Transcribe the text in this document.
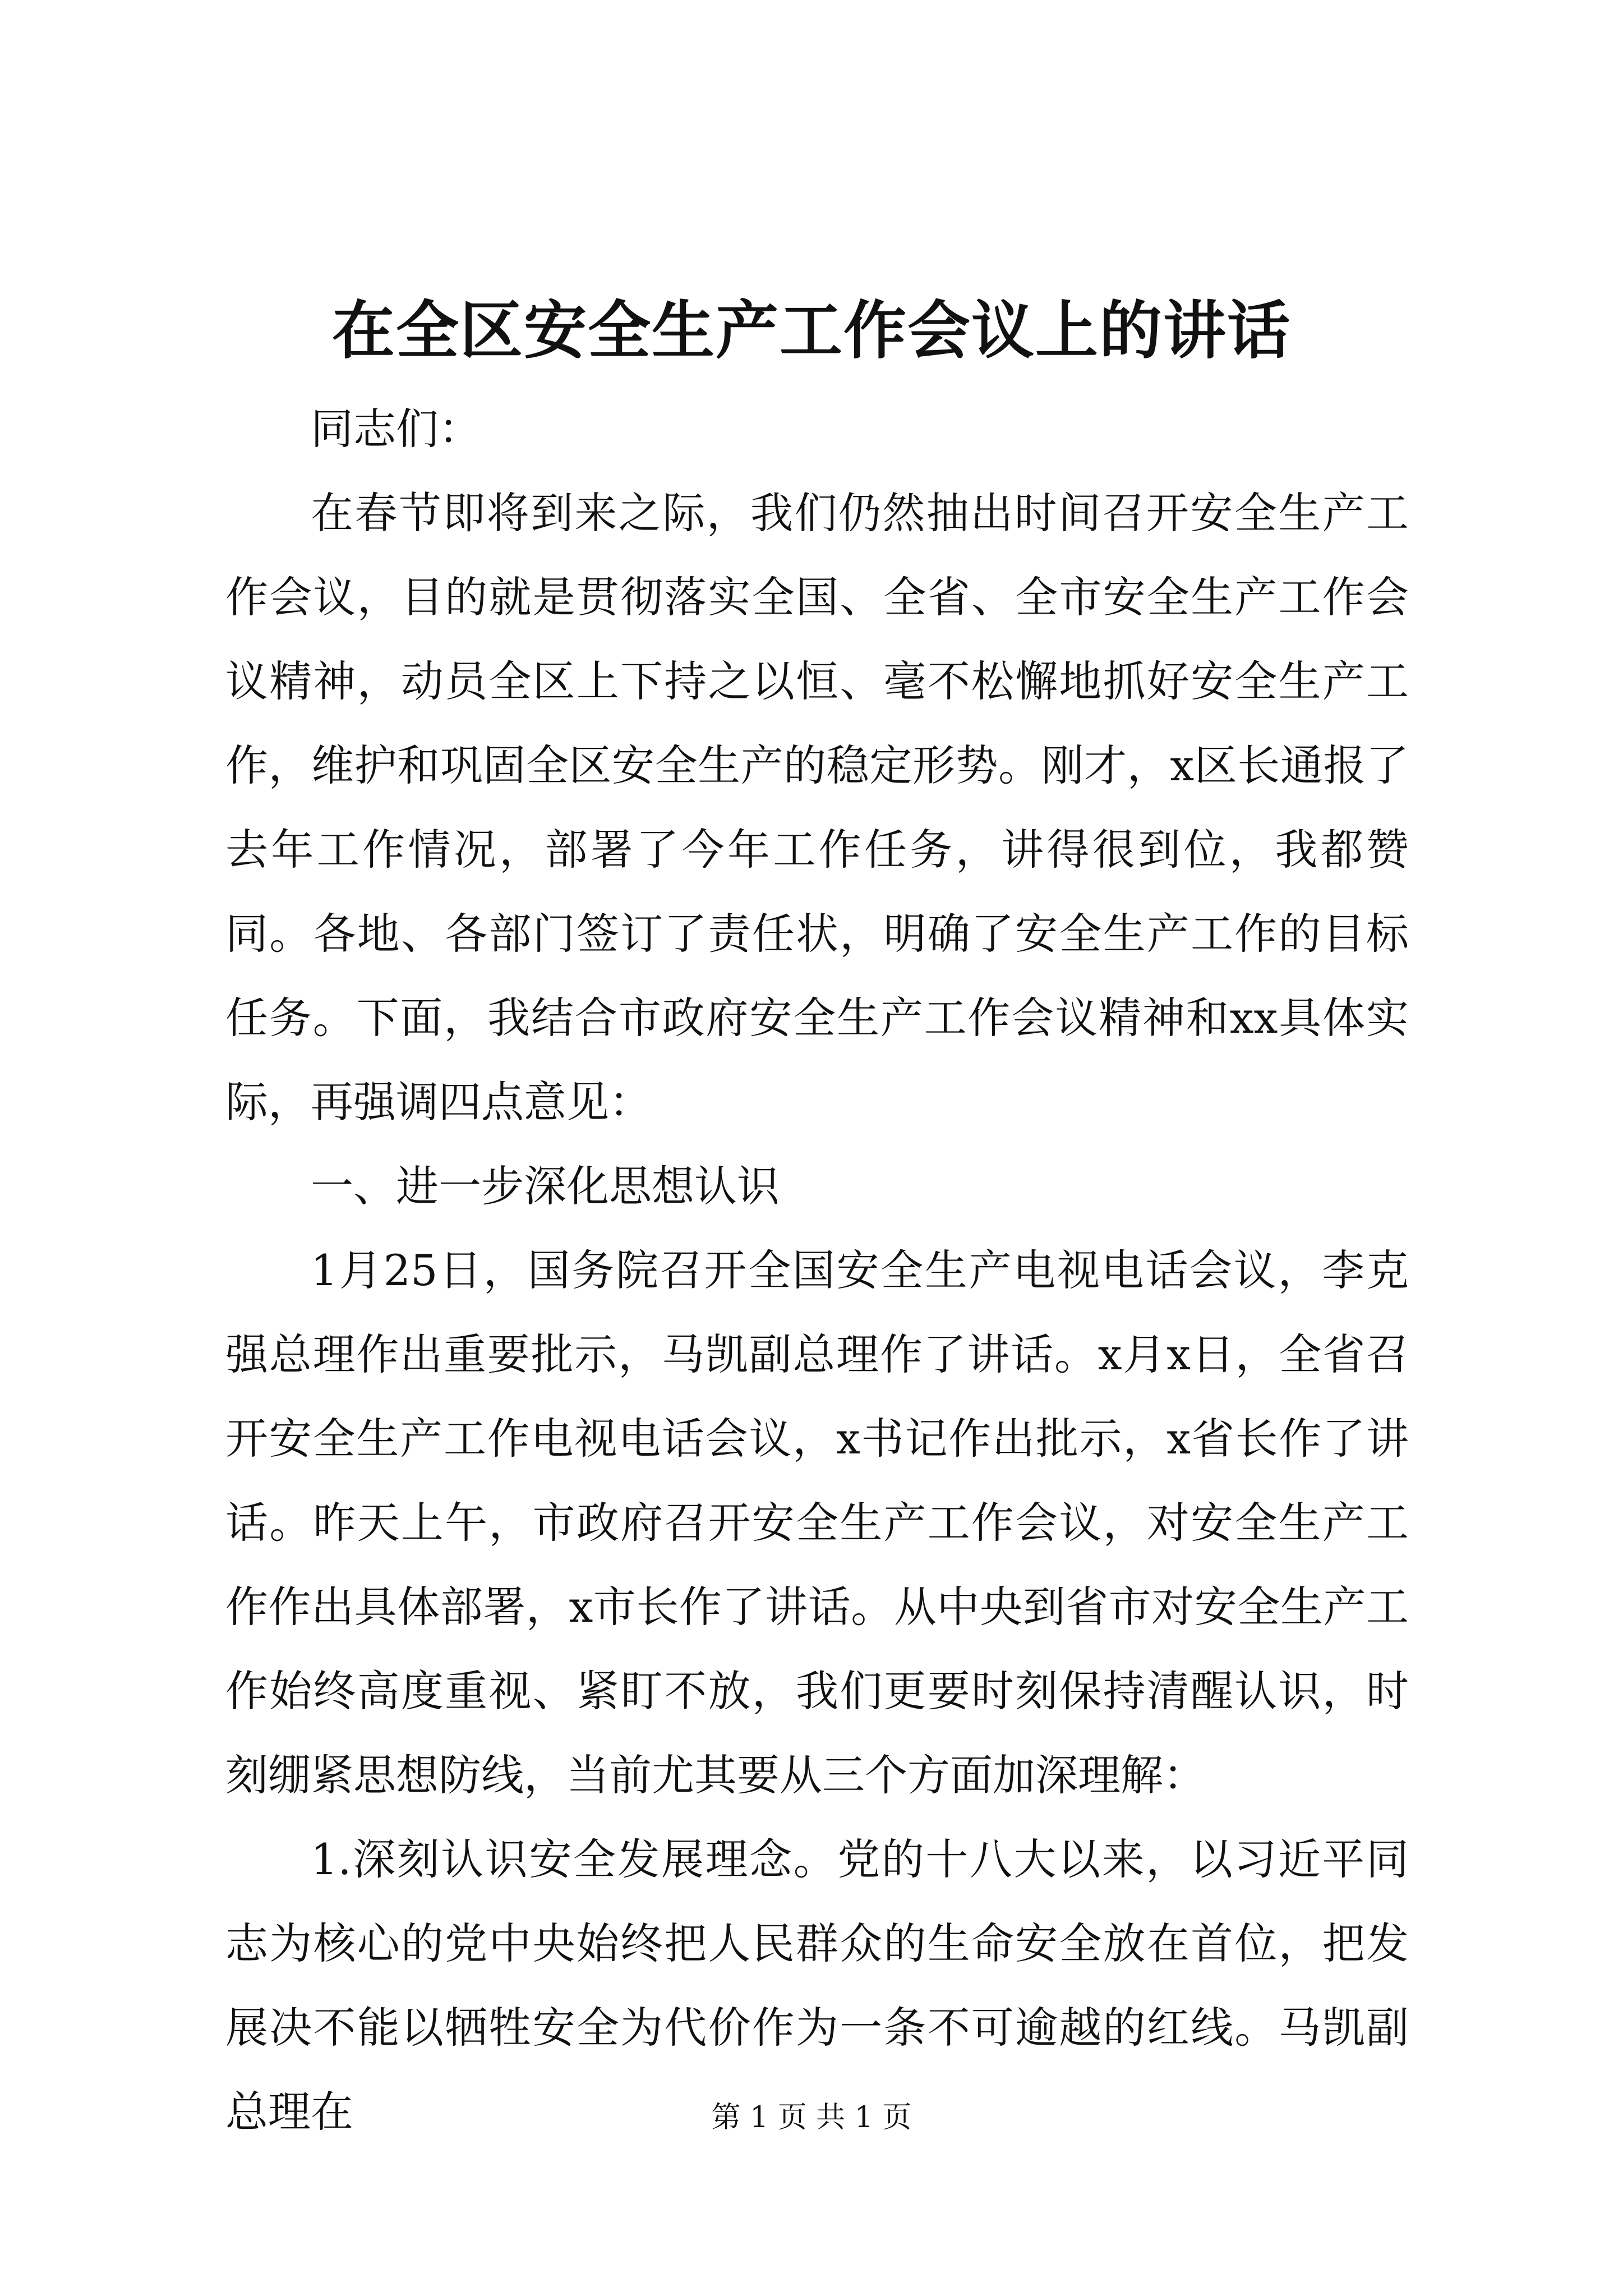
在全区安全生产工作会议上的讲话

同志们：

在春节即将到来之际，我们仍然抽出时间召开安全生产工作会议，目的就是贯彻落实全国、全省、全市安全生产工作会议精神，动员全区上下持之以恒、毫不松懈地抓好安全生产工作，维护和巩固全区安全生产的稳定形势。刚才，x区长通报了去年工作情况，部署了今年工作任务，讲得很到位，我都赞同。各地、各部门签订了责任状，明确了安全生产工作的目标任务。下面，我结合市政府安全生产工作会议精神和xx具体实际，再强调四点意见：

一、进一步深化思想认识

1月25日，国务院召开全国安全生产电视电话会议，李克强总理作出重要批示，马凯副总理作了讲话。x月x日，全省召开安全生产工作电视电话会议，x书记作出批示，x省长作了讲话。昨天上午，市政府召开安全生产工作会议，对安全生产工作作出具体部署，x市长作了讲话。从中央到省市对安全生产工作始终高度重视、紧盯不放，我们更要时刻保持清醒认识，时刻绷紧思想防线，当前尤其要从三个方面加深理解：

1.深刻认识安全发展理念。党的十八大以来，以习近平同志为核心的党中央始终把人民群众的生命安全放在首位，把发展决不能以牺牲安全为代价作为一条不可逾越的红线。马凯副总理在	第 1 页 共 1 页
